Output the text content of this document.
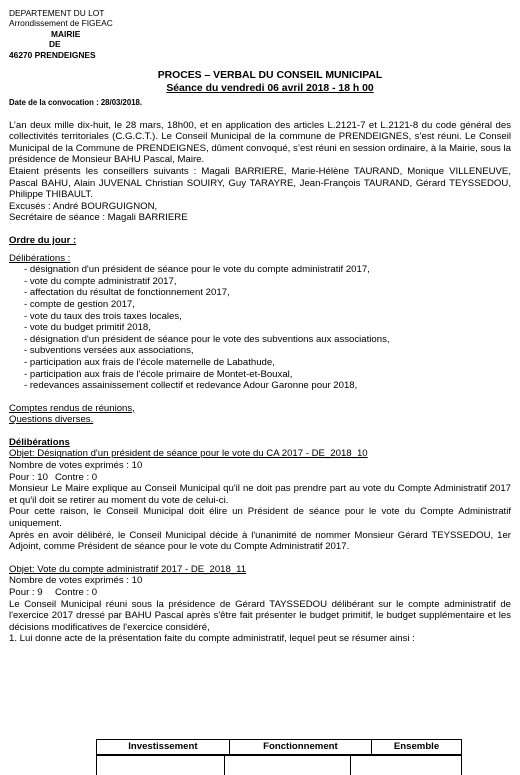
DEPARTEMENT DU LOT
Arrondissement de FIGEAC
MAIRIE
DE
46270 PRENDEIGNES
PROCES – VERBAL DU CONSEIL MUNICIPAL
Séance du vendredi 06 avril 2018 - 18 h 00
Date de la convocation : 28/03/2018.

L’an deux mille dix-huit, le 28 mars, 18h00, et en application des articles L.2121-7 et L.2121-8 du code général des collectivités territoriales (C.G.C.T.). Le Conseil Municipal de la commune de PRENDEIGNES, s’est réuni. Le Conseil Municipal de la Commune de PRENDEIGNES, dûment convoqué, s’est réuni en session ordinaire, à la Mairie, sous la présidence de Monsieur BAHU Pascal, Maire.

Etaient présents les conseillers suivants : Magali BARRIERE, Marie-Hélène TAURAND, Monique VILLENEUVE, Pascal BAHU, Alain JUVENAL Christian SOUIRY, Guy TARAYRE, Jean-François TAURAND, Gérard TEYSSEDOU, Philippe THIBAULT.

Excusés : André BOURGUIGNON,
Secrétaire de séance : Magali BARRIERE
Ordre du jour :
Délibérations :
- désignation d'un président de séance pour le vote du compte administratif 2017,
- vote du compte administratif 2017,
- affectation du résultat de fonctionnement 2017,
- compte de gestion 2017,
- vote du taux des trois taxes locales,
- vote du budget primitif 2018,
- désignation d'un président de séance pour le vote des subventions aux associations,
- subventions versées aux associations,
- participation aux frais de l'école maternelle de Labathude,
- participation aux frais de l'école primaire de Montet-et-Bouxal,
- redevances assainissement collectif et redevance Adour Garonne pour 2018,
Comptes rendus de réunions,
Questions diverses.
Délibérations
Objet: Désignation d'un président de séance pour le vote du CA 2017 - DE_2018_10
Nombre de votes exprimés : 10
Pour : 10 Contre : 0

Monsieur Le Maire explique au Conseil Municipal qu'il ne doit pas prendre part au vote du Compte Administratif 2017 et qu'il doit se retirer au moment du vote de celui-ci.

Pour cette raison, le Conseil Municipal doit élire un Président de séance pour le vote du Compte Administratif uniquement.

Après en avoir délibéré, le Conseil Municipal décide à l'unanimité de nommer Monsieur Gérard TEYSSEDOU, 1er Adjoint, comme Président de séance pour le vote du Compte Administratif 2017.

Objet: Vote du compte administratif 2017 - DE_2018_11
Nombre de votes exprimés : 10
Pour : 9 Contre : 0

Le Conseil Municipal réuni sous la présidence de Gérard TAYSSEDOU délibérant sur le compte administratif de l'exercice 2017 dressé par BAHU Pascal après s'être fait présenter le budget primitif, le budget supplémentaire et les décisions modificatives de l'exercice considéré,

1. Lui donne acte de la présentation faite du compte administratif, lequel peut se résumer ainsi :
Investissement	Fonctionnement	Ensemble
